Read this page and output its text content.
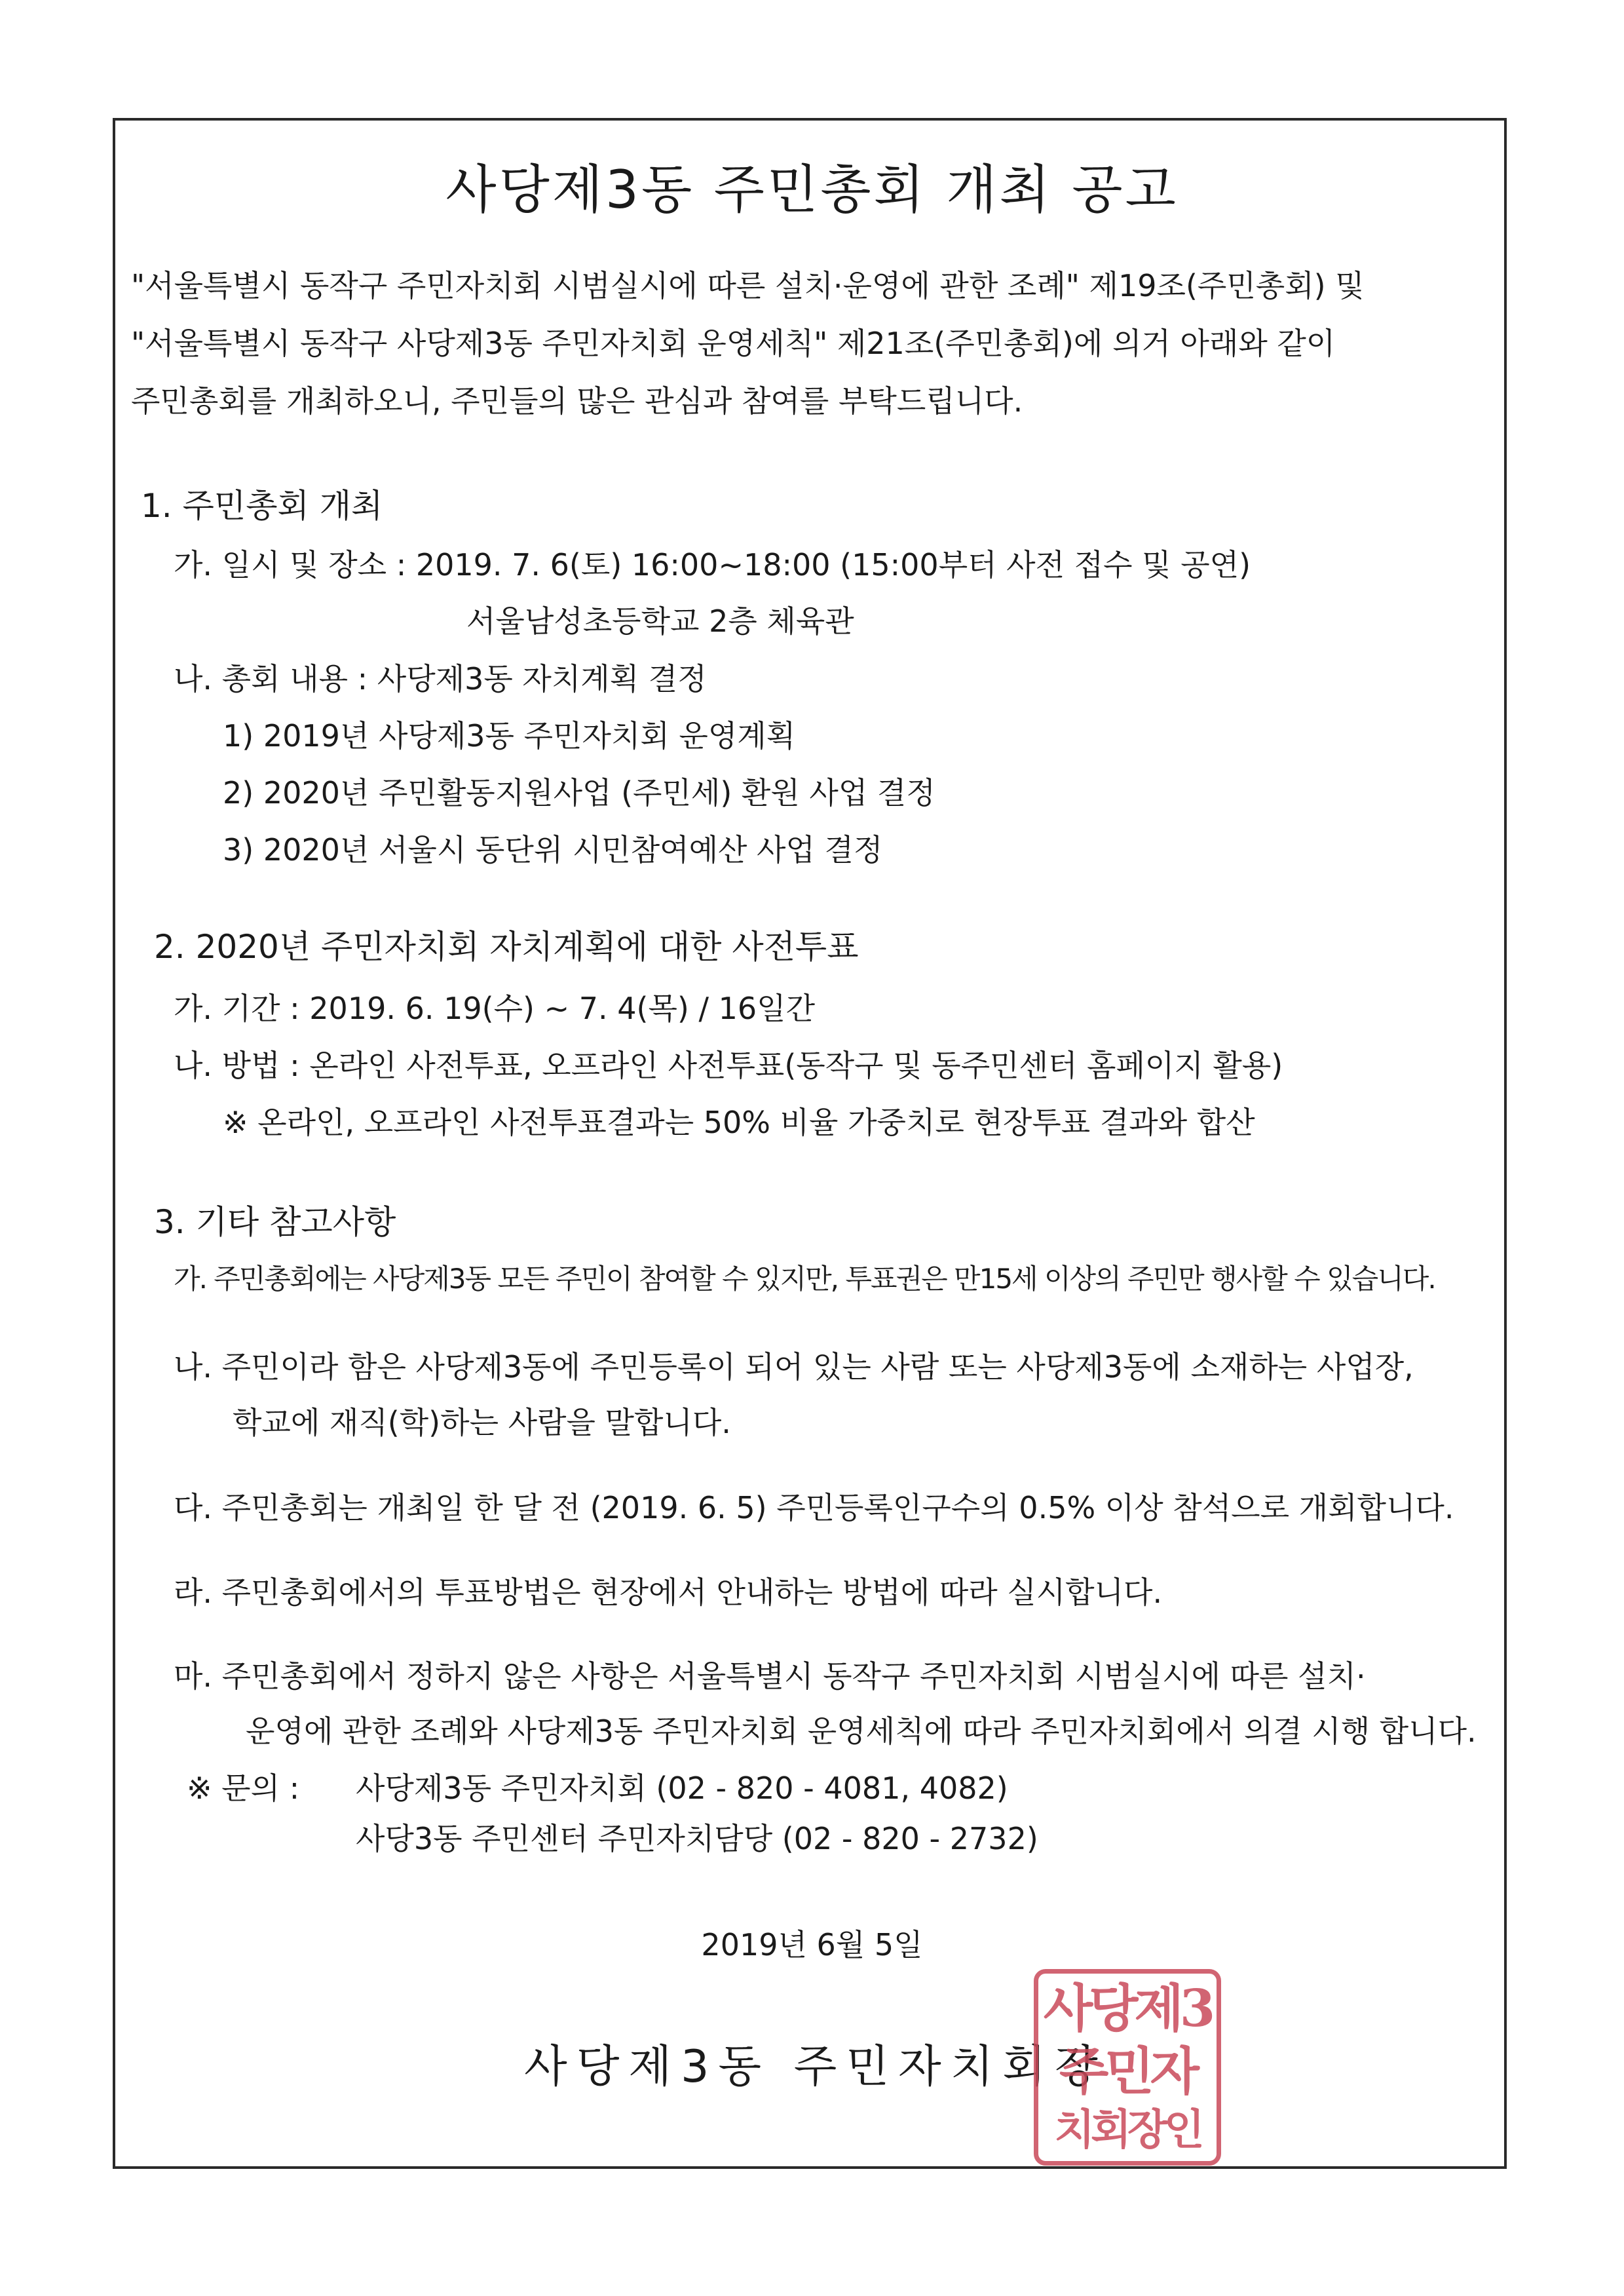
사당제3동 주민총회 개최 공고
"서울특별시 동작구 주민자치회 시범실시에 따른 설치·운영에 관한 조례" 제19조(주민총회) 및
"서울특별시 동작구 사당제3동 주민자치회 운영세칙" 제21조(주민총회)에 의거 아래와 같이
주민총회를 개최하오니, 주민들의 많은 관심과 참여를 부탁드립니다.
1. 주민총회 개최
가. 일시 및 장소 : 2019. 7. 6(토) 16:00~18:00 (15:00부터 사전 접수 및 공연)
서울남성초등학교 2층 체육관
나. 총회 내용 : 사당제3동 자치계획 결정
1) 2019년 사당제3동 주민자치회 운영계획
2) 2020년 주민활동지원사업 (주민세) 환원 사업 결정
3) 2020년 서울시 동단위 시민참여예산 사업 결정
2. 2020년 주민자치회 자치계획에 대한 사전투표
가. 기간 : 2019. 6. 19(수) ~ 7. 4(목) / 16일간
나. 방법 : 온라인 사전투표, 오프라인 사전투표(동작구 및 동주민센터 홈페이지 활용)
※ 온라인, 오프라인 사전투표결과는 50% 비율 가중치로 현장투표 결과와 합산
3. 기타 참고사항
가. 주민총회에는 사당제3동 모든 주민이 참여할 수 있지만, 투표권은 만15세 이상의 주민만 행사할 수 있습니다.
나. 주민이라 함은 사당제3동에 주민등록이 되어 있는 사람 또는 사당제3동에 소재하는 사업장,
학교에 재직(학)하는 사람을 말합니다.
다. 주민총회는 개최일 한 달 전 (2019. 6. 5) 주민등록인구수의 0.5% 이상 참석으로 개회합니다.
라. 주민총회에서의 투표방법은 현장에서 안내하는 방법에 따라 실시합니다.
마. 주민총회에서 정하지 않은 사항은 서울특별시 동작구 주민자치회 시범실시에 따른 설치·
운영에 관한 조례와 사당제3동 주민자치회 운영세칙에 따라 주민자치회에서 의결 시행 합니다.
※ 문의 : 사당제3동 주민자치회 (02 - 820 - 4081, 4082)
사당3동 주민센터 주민자치담당 (02 - 820 - 2732)
2019년 6월 5일
사당제3동 주민자치회장
사당제3
주민자
치회장인
